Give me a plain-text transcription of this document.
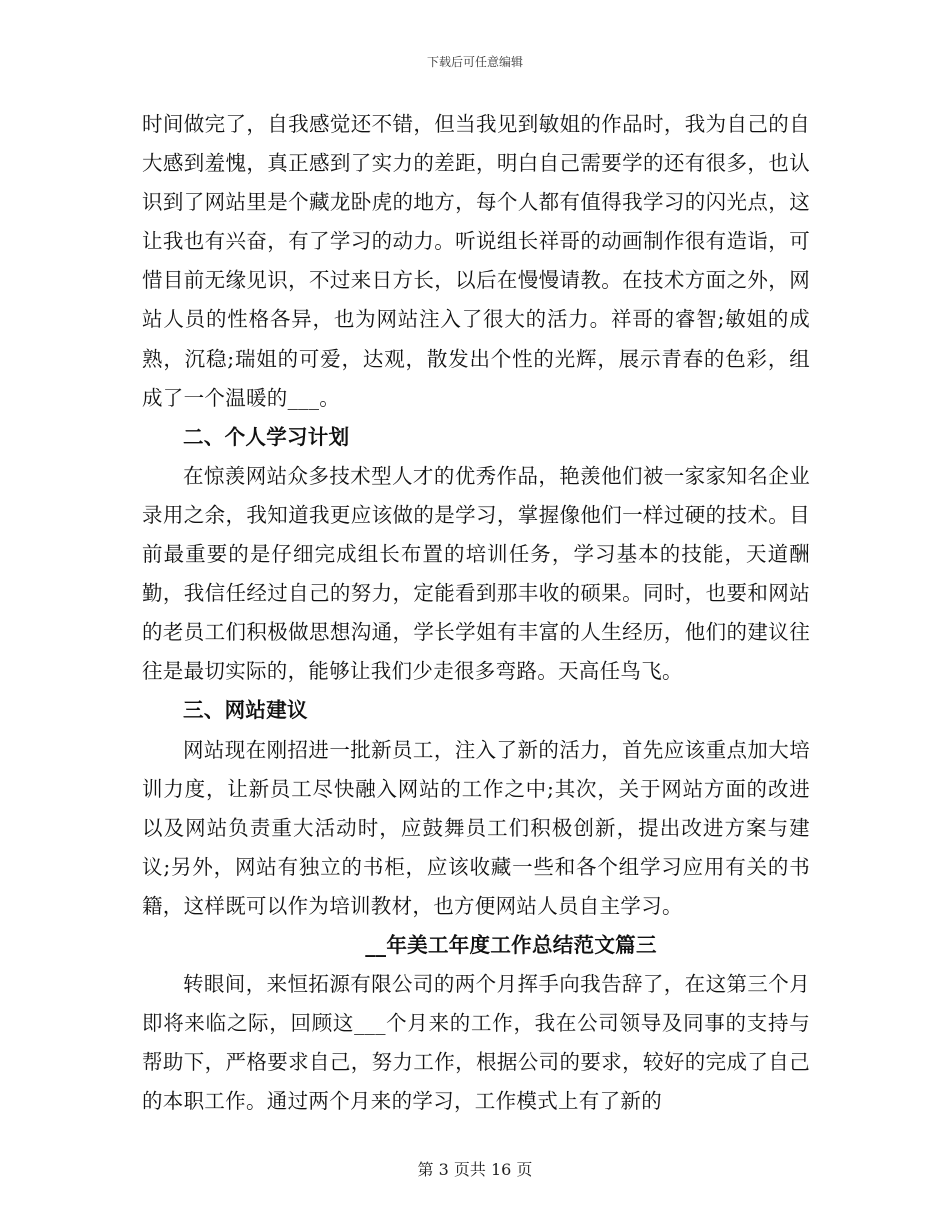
下载后可任意编辑

时间做完了，自我感觉还不错，但当我见到敏姐的作品时，我为自己的自大感到羞愧，真正感到了实力的差距，明白自己需要学的还有很多，也认识到了网站里是个藏龙卧虎的地方，每个人都有值得我学习的闪光点，这让我也有兴奋，有了学习的动力。听说组长祥哥的动画制作很有造诣，可惜目前无缘见识，不过来日方长，以后在慢慢请教。在技术方面之外，网站人员的性格各异，也为网站注入了很大的活力。祥哥的睿智;敏姐的成熟，沉稳;瑞姐的可爱，达观，散发出个性的光辉，展示青春的色彩，组成了一个温暖的___。

二、个人学习计划

在惊羡网站众多技术型人才的优秀作品，艳羡他们被一家家知名企业录用之余，我知道我更应该做的是学习，掌握像他们一样过硬的技术。目前最重要的是仔细完成组长布置的培训任务，学习基本的技能，天道酬勤，我信任经过自己的努力，定能看到那丰收的硕果。同时，也要和网站的老员工们积极做思想沟通，学长学姐有丰富的人生经历，他们的建议往往是最切实际的，能够让我们少走很多弯路。天高任鸟飞。

三、网站建议

网站现在刚招进一批新员工，注入了新的活力，首先应该重点加大培训力度，让新员工尽快融入网站的工作之中;其次，关于网站方面的改进以及网站负责重大活动时，应鼓舞员工们积极创新，提出改进方案与建议;另外，网站有独立的书柜，应该收藏一些和各个组学习应用有关的书籍，这样既可以作为培训教材，也方便网站人员自主学习。

__年美工年度工作总结范文篇三

转眼间，来恒拓源有限公司的两个月挥手向我告辞了，在这第三个月即将来临之际，回顾这___个月来的工作，我在公司领导及同事的支持与帮助下，严格要求自己，努力工作，根据公司的要求，较好的完成了自己的本职工作。通过两个月来的学习，工作模式上有了新的

第 3 页共 16 页
